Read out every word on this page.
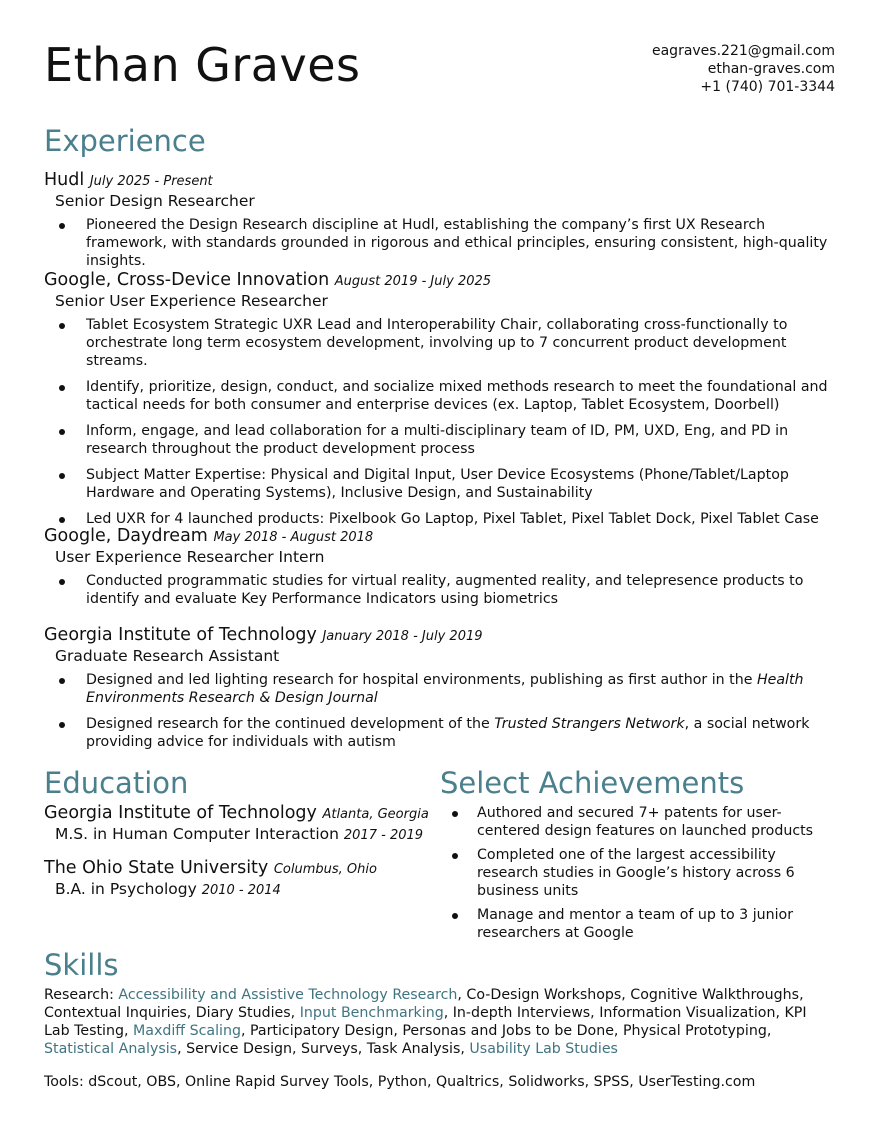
Ethan Graves	eagraves.221@gmail.com
ethan-graves.com
+1 (740) 701-3344
Experience
Hudl July 2025 - Present
Senior Design Researcher
Pioneered the Design Research discipline at Hudl, establishing the company’s first UX Research framework, with standards grounded in rigorous and ethical principles, ensuring consistent, high-quality insights.
Google, Cross-Device Innovation August 2019 - July 2025
Senior User Experience Researcher
Tablet Ecosystem Strategic UXR Lead and Interoperability Chair, collaborating cross-functionally to orchestrate long term ecosystem development, involving up to 7 concurrent product development streams.
Identify, prioritize, design, conduct, and socialize mixed methods research to meet the foundational and tactical needs for both consumer and enterprise devices (ex. Laptop, Tablet Ecosystem, Doorbell)
Inform, engage, and lead collaboration for a multi-disciplinary team of ID, PM, UXD, Eng, and PD in research throughout the product development process
Subject Matter Expertise: Physical and Digital Input, User Device Ecosystems (Phone/Tablet/Laptop Hardware and Operating Systems), Inclusive Design, and Sustainability
Led UXR for 4 launched products: Pixelbook Go Laptop, Pixel Tablet, Pixel Tablet Dock, Pixel Tablet Case
Google, Daydream May 2018 - August 2018
User Experience Researcher Intern
Conducted programmatic studies for virtual reality, augmented reality, and telepresence products to identify and evaluate Key Performance Indicators using biometrics
Georgia Institute of Technology January 2018 - July 2019
Graduate Research Assistant
Designed and led lighting research for hospital environments, publishing as first author in the Health Environments Research & Design Journal
Designed research for the continued development of the Trusted Strangers Network, a social network providing advice for individuals with autism
Education
Georgia Institute of Technology Atlanta, Georgia
M.S. in Human Computer Interaction 2017 - 2019
The Ohio State University Columbus, Ohio
B.A. in Psychology 2010 - 2014
Select Achievements
Authored and secured 7+ patents for user-centered design features on launched products
Completed one of the largest accessibility research studies in Google’s history across 6 business units
Manage and mentor a team of up to 3 junior researchers at Google
Skills
Research: Accessibility and Assistive Technology Research, Co-Design Workshops, Cognitive Walkthroughs, Contextual Inquiries, Diary Studies, Input Benchmarking, In-depth Interviews, Information Visualization, KPI Lab Testing, Maxdiff Scaling, Participatory Design, Personas and Jobs to be Done, Physical Prototyping, Statistical Analysis, Service Design, Surveys, Task Analysis, Usability Lab Studies
Tools: dScout, OBS, Online Rapid Survey Tools, Python, Qualtrics, Solidworks, SPSS, UserTesting.com
